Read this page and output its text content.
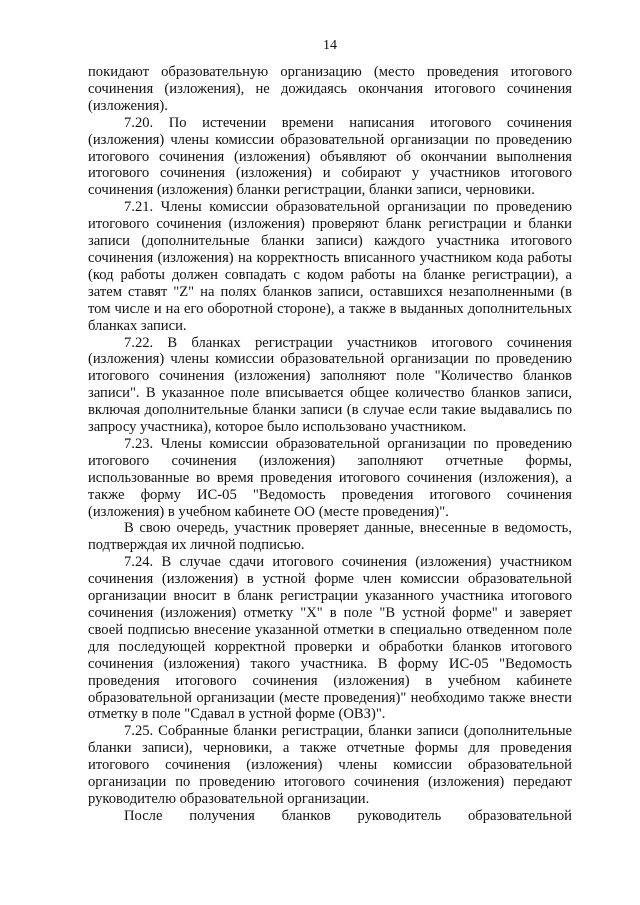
14

покидают образовательную организацию (место проведения итогового сочинения (изложения), не дожидаясь окончания итогового сочинения (изложения).

7.20. По истечении времени написания итогового сочинения (изложения) члены комиссии образовательной организации по проведению итогового сочинения (изложения) объявляют об окончании выполнения итогового сочинения (изложения) и собирают у участников итогового сочинения (изложения) бланки регистрации, бланки записи, черновики.

7.21. Члены комиссии образовательной организации по проведению итогового сочинения (изложения) проверяют бланк регистрации и бланки записи (дополнительные бланки записи) каждого участника итогового сочинения (изложения) на корректность вписанного участником кода работы (код работы должен совпадать с кодом работы на бланке регистрации), а затем ставят "Z" на полях бланков записи, оставшихся незаполненными (в том числе и на его оборотной стороне), а также в выданных дополнительных бланках записи.

7.22. В бланках регистрации участников итогового сочинения (изложения) члены комиссии образовательной организации по проведению итогового сочинения (изложения) заполняют поле "Количество бланков записи". В указанное поле вписывается общее количество бланков записи, включая дополнительные бланки записи (в случае если такие выдавались по запросу участника), которое было использовано участником.

7.23. Члены комиссии образовательной организации по проведению итогового сочинения (изложения) заполняют отчетные формы, использованные во время проведения итогового сочинения (изложения), а также форму ИС-05 "Ведомость проведения итогового сочинения (изложения) в учебном кабинете ОО (месте проведения)".

В свою очередь, участник проверяет данные, внесенные в ведомость, подтверждая их личной подписью.

7.24. В случае сдачи итогового сочинения (изложения) участником сочинения (изложения) в устной форме член комиссии образовательной организации вносит в бланк регистрации указанного участника итогового сочинения (изложения) отметку "X" в поле "В устной форме" и заверяет своей подписью внесение указанной отметки в специально отведенном поле для последующей корректной проверки и обработки бланков итогового сочинения (изложения) такого участника. В форму ИС-05 "Ведомость проведения итогового сочинения (изложения) в учебном кабинете образовательной организации (месте проведения)" необходимо также внести отметку в поле "Сдавал в устной форме (ОВЗ)".

7.25. Собранные бланки регистрации, бланки записи (дополнительные бланки записи), черновики, а также отчетные формы для проведения итогового сочинения (изложения) члены комиссии образовательной организации по проведению итогового сочинения (изложения) передают руководителю образовательной организации.

После получения бланков руководитель образовательной
